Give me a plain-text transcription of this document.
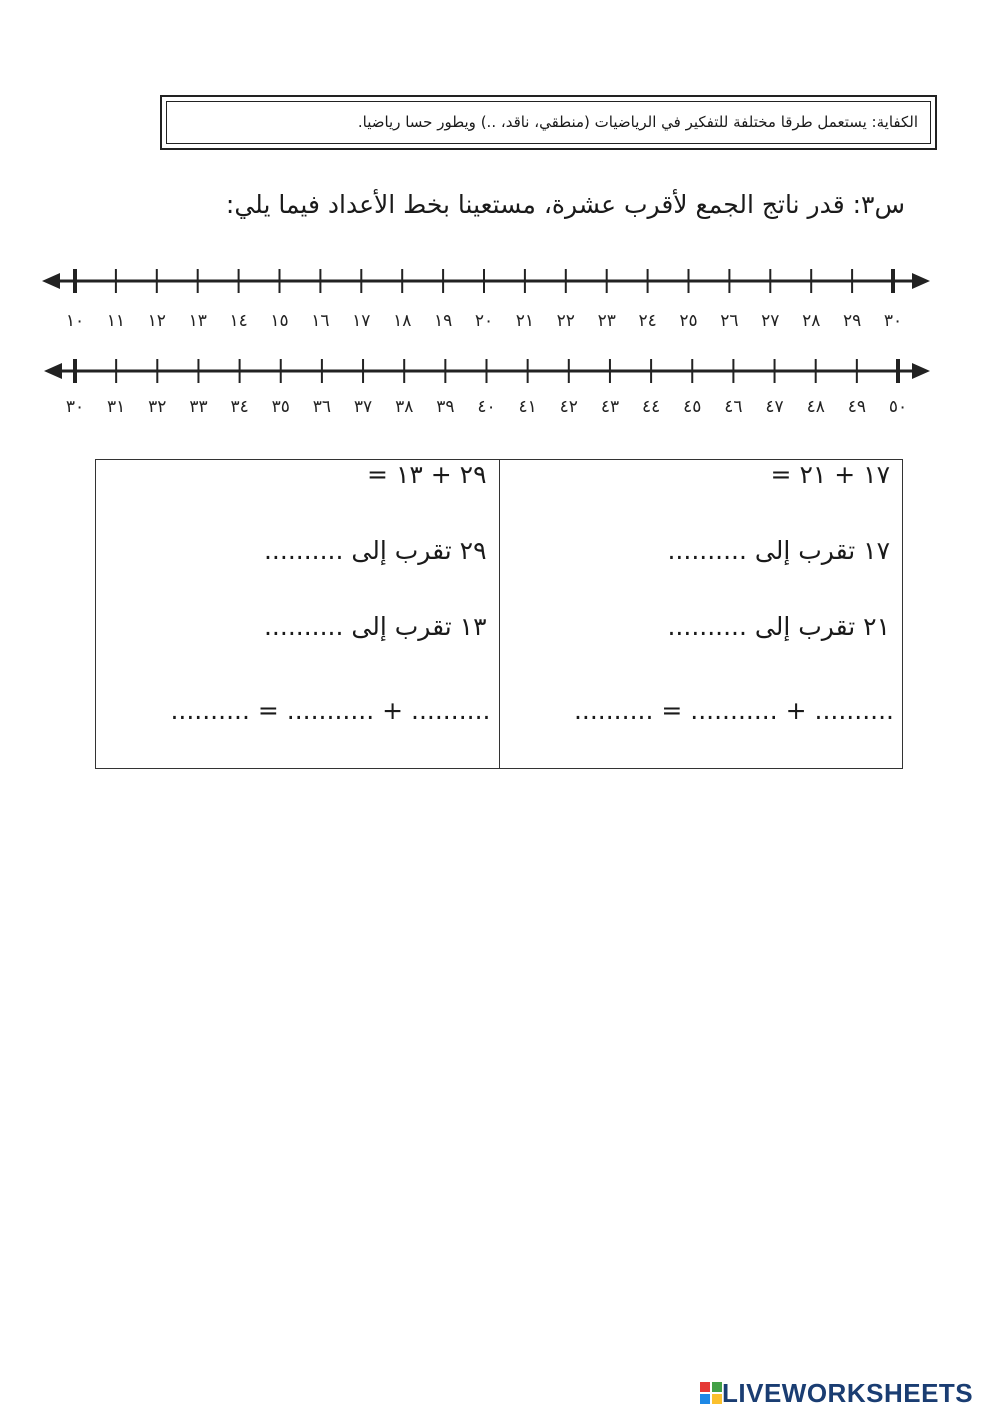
الكفاية: يستعمل طرقا مختلفة للتفكير في الرياضيات (منطقي، ناقد، ..) ويطور حسا رياضيا.
س٣: قدر ناتج الجمع لأقرب عشرة، مستعينا بخط الأعداد فيما يلي:
٣٠
٢٩
٢٨
٢٧
٢٦
٢٥
٢٤
٢٣
٢٢
٢١
٢٠
١٩
١٨
١٧
١٦
١٥
١٤
١٣
١٢
١١
١٠
٥٠
٤٩
٤٨
٤٧
٤٦
٤٥
٤٤
٤٣
٤٢
٤١
٤٠
٣٩
٣٨
٣٧
٣٦
٣٥
٣٤
٣٣
٣٢
٣١
٣٠
٢٩ + ١٣ =
٢٩ تقرب إلى ..........
١٣ تقرب إلى ..........
.......... + ........... = ..........
١٧ + ٢١ =
١٧ تقرب إلى ..........
٢١ تقرب إلى ..........
.......... + ........... = ..........
LIVEWORKSHEETS
